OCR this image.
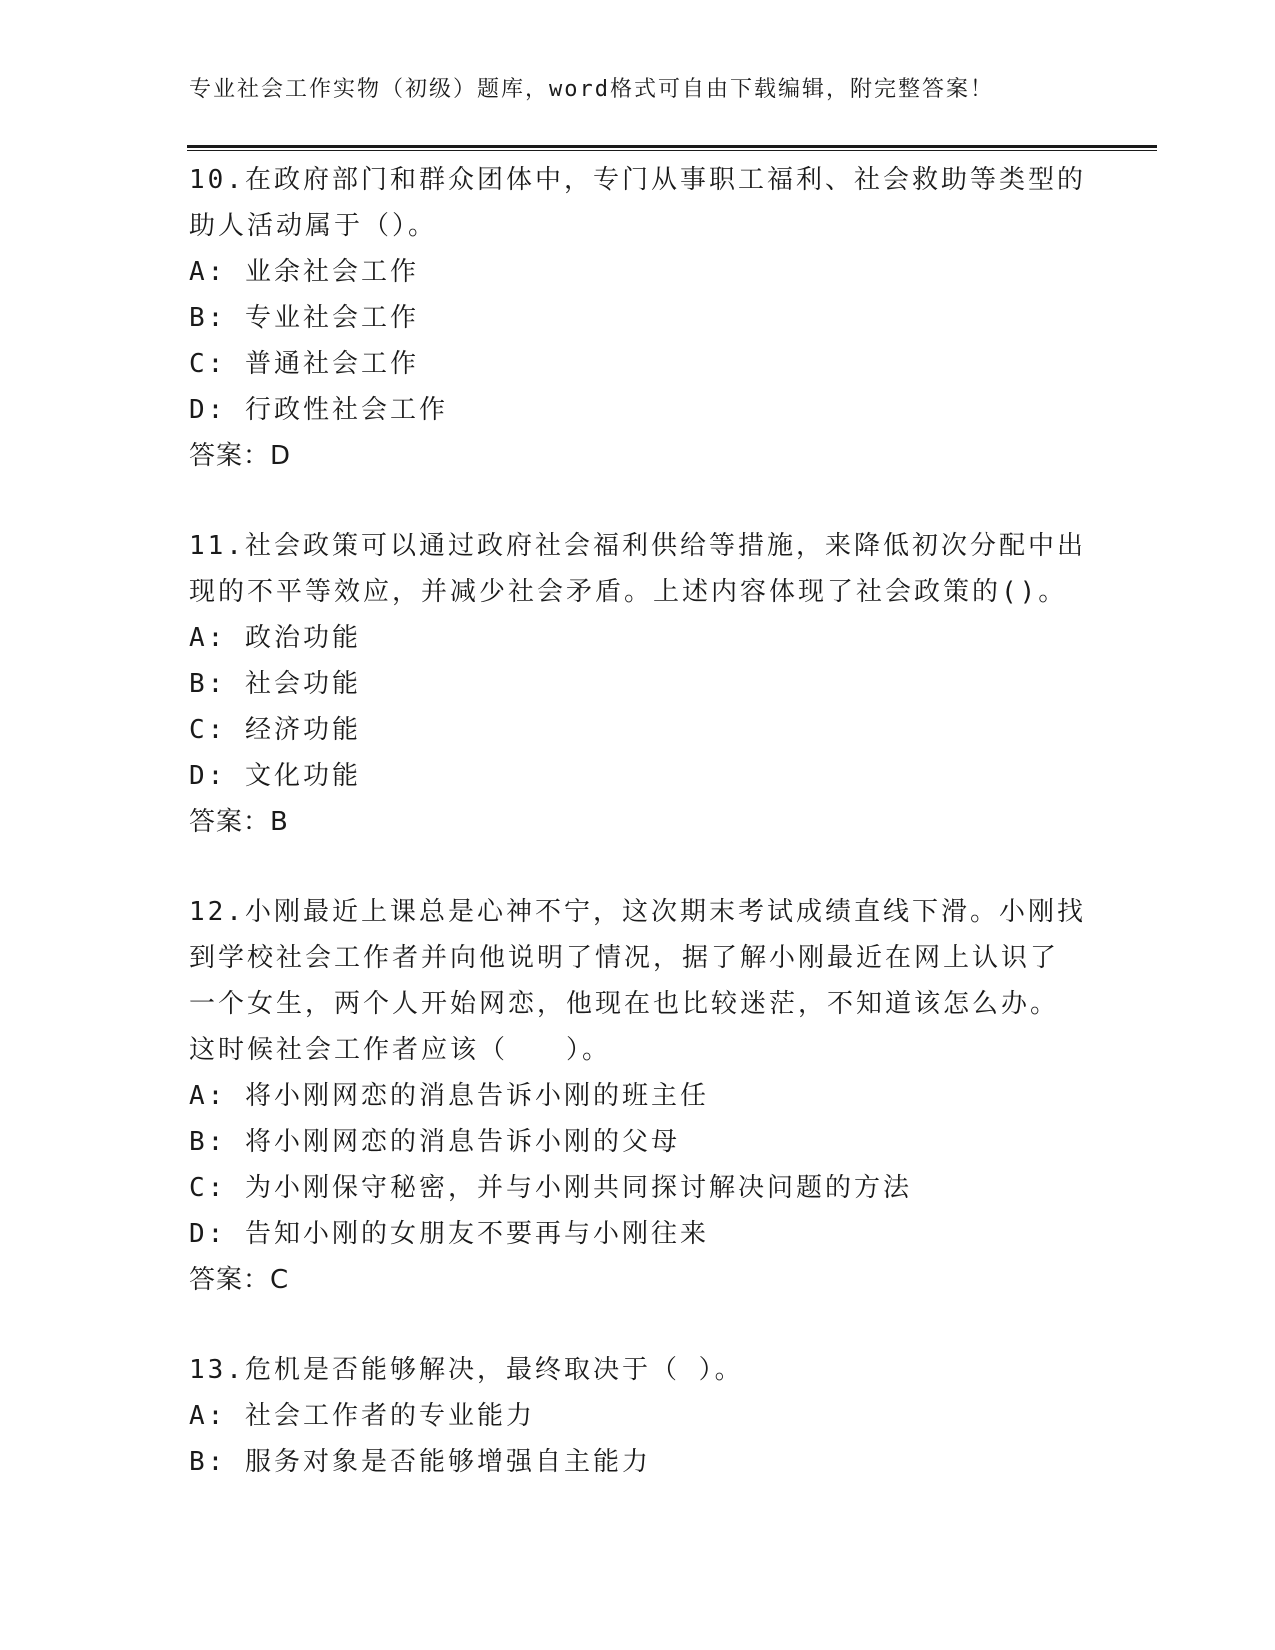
专业社会工作实物（初级）题库，word格式可自由下载编辑，附完整答案！
10.在政府部门和群众团体中，专门从事职工福利、社会救助等类型的
助人活动属于（）。
A: 业余社会工作
B: 专业社会工作
C: 普通社会工作
D: 行政性社会工作
答案：D
11.社会政策可以通过政府社会福利供给等措施，来降低初次分配中出
现的不平等效应，并减少社会矛盾。上述内容体现了社会政策的()。
A: 政治功能
B: 社会功能
C: 经济功能
D: 文化功能
答案：B
12.小刚最近上课总是心神不宁，这次期末考试成绩直线下滑。小刚找
到学校社会工作者并向他说明了情况，据了解小刚最近在网上认识了
一个女生，两个人开始网恋，他现在也比较迷茫，不知道该怎么办。
这时候社会工作者应该（　　）。
A: 将小刚网恋的消息告诉小刚的班主任
B: 将小刚网恋的消息告诉小刚的父母
C: 为小刚保守秘密，并与小刚共同探讨解决问题的方法
D: 告知小刚的女朋友不要再与小刚往来
答案：C
13.危机是否能够解决，最终取决于（ ）。
A: 社会工作者的专业能力
B: 服务对象是否能够增强自主能力
